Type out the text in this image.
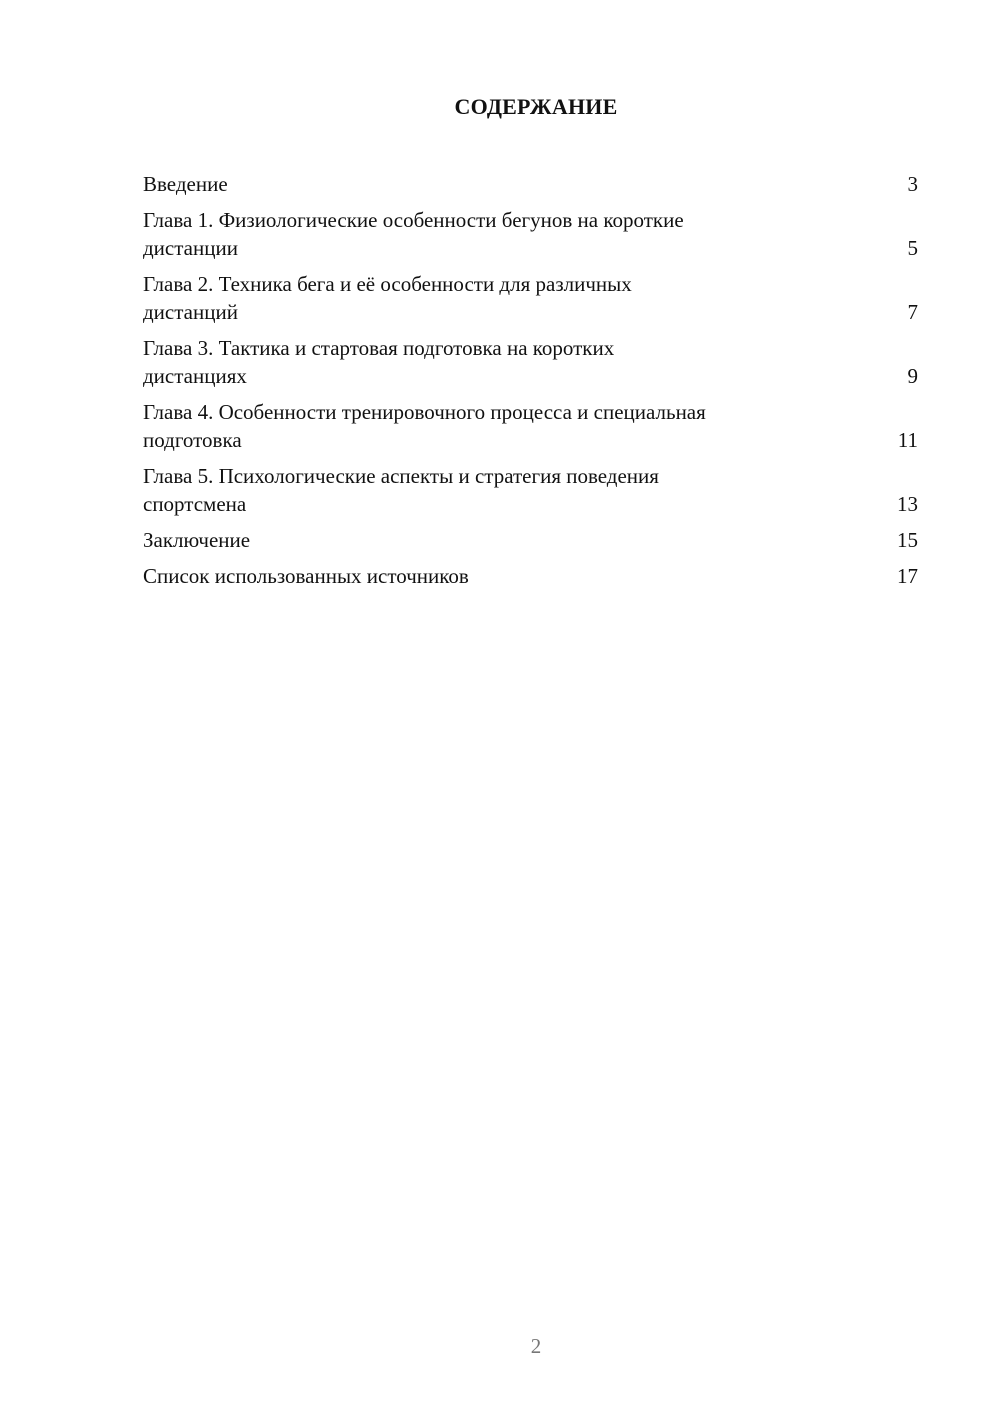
СОДЕРЖАНИЕ
Введение	3
Глава 1. Физиологические особенности бегунов на короткие
дистанции	5
Глава 2. Техника бега и её особенности для различных
дистанций	7
Глава 3. Тактика и стартовая подготовка на коротких
дистанциях	9
Глава 4. Особенности тренировочного процесса и специальная
подготовка	11
Глава 5. Психологические аспекты и стратегия поведения
спортсмена	13
Заключение	15
Список использованных источников	17
2
